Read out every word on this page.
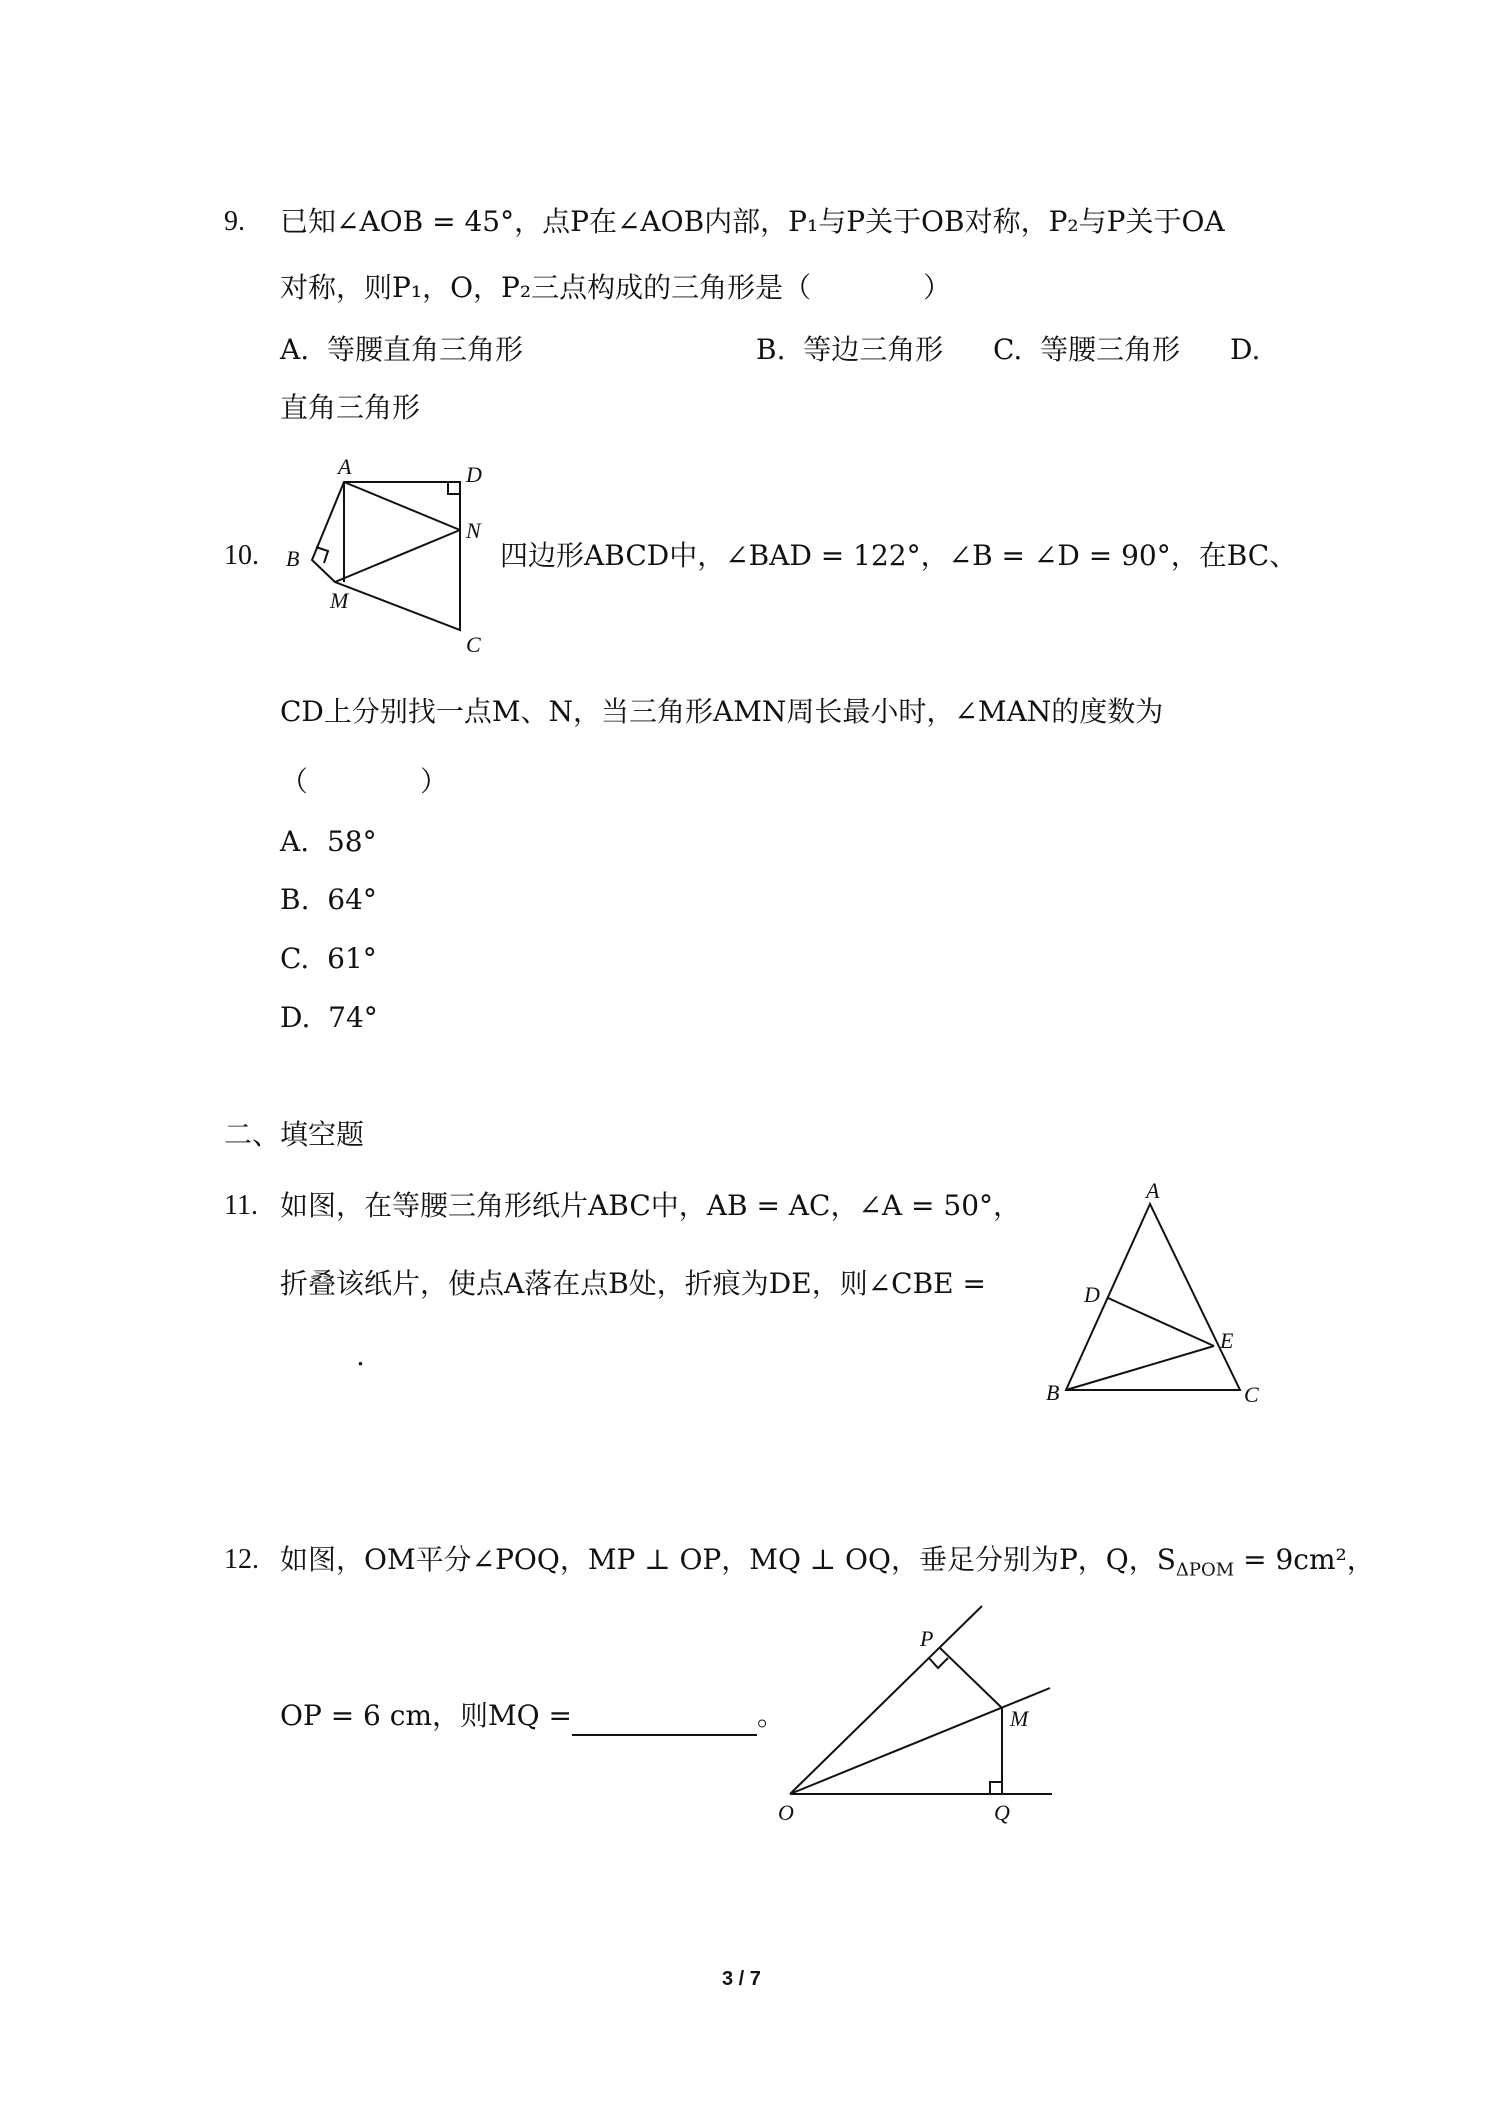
9. 已知∠AOB = 45°，点P在∠AOB内部，P₁与P关于OB对称，P₂与P关于OA
对称，则P₁，O，P₂三点构成的三角形是（　　　　）
A. 等腰直角三角形	B. 等边三角形 C. 等腰三角形 D.
直角三角形
A	D
N
B
M
C
10.	四边形ABCD中，∠BAD = 122°，∠B = ∠D = 90°，在BC、
CD上分别找一点M、N，当三角形AMN周长最小时，∠MAN的度数为
（　　　　）
A. 58°
B. 64°
C. 61°
D. 74°
二、填空题
11. 如图，在等腰三角形纸片ABC中，AB = AC，∠A = 50°，
折叠该纸片，使点A落在点B处，折痕为DE，则∠CBE =
.
A
D
E
B	C
12. 如图，OM平分∠POQ，MP ⊥ OP，MQ ⊥ OQ，垂足分别为P，Q，$S_{\Delta POM} = 9cm^2$，
OP = 6 cm，则MQ =	。
P
M
O	Q
3 / 7
